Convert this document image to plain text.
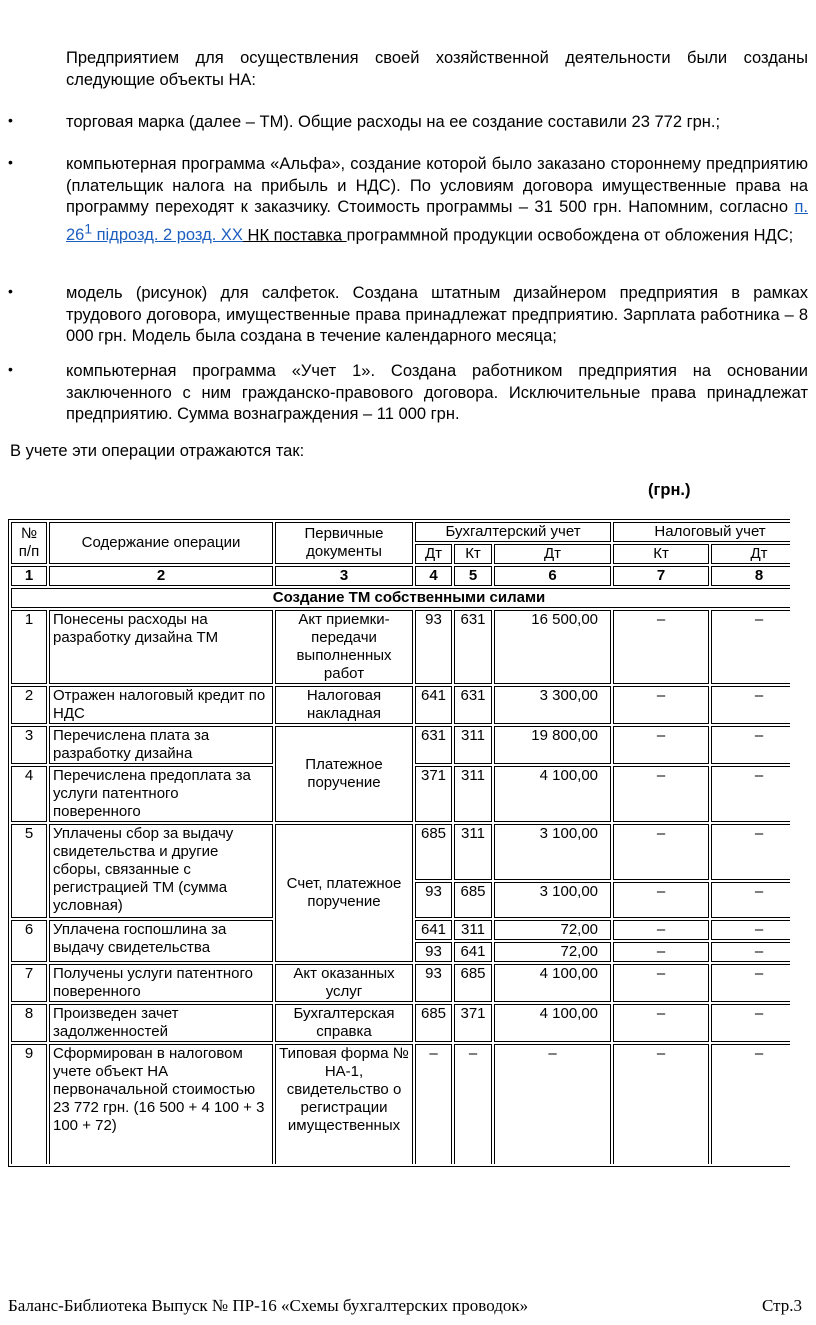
Предприятием для осуществления своей хозяйственной деятельности были созданы следующие объекты НА:

•	торговая марка (далее – ТМ). Общие расходы на ее создание составили 23 772 грн.;

•	компьютерная программа «Альфа», создание которой было заказано стороннему предприятию (плательщик налога на прибыль и НДС). По условиям договора имущественные права на программу переходят к заказчику. Стоимость программы – 31 500 грн. Напомним, согласно п. 26$^1$ підрозд. 2 розд. XX НК поставка программной продукции освобождена от обложения НДС;

•	модель (рисунок) для салфеток. Создана штатным дизайнером предприятия в рамках трудового договора, имущественные права принадлежат предприятию. Зарплата работника – 8 000 грн. Модель была создана в течение календарного месяца;

•	компьютерная программа «Учет 1». Создана работником предприятия на основании заключенного с ним гражданско-правового договора. Исключительные права принадлежат предприятию. Сумма вознаграждения – 11 000 грн.

В учете эти операции отражаются так:

(грн.)
№ п/п	Содержание операции	Первичные документы	Бухгалтерский учет			Налоговый учет	
			Дт	Кт	Дт	Кт	Дт
1	2	3	4	5	6	7	8
Создание ТМ собственными силами							
1	Понесены расходы на разработку дизайна ТМ	Акт приемки-передачи выполненных работ	93	631	16 500,00	–	–
2	Отражен налоговый кредит по НДС	Налоговая накладная	641	631	3 300,00	–	–
3	Перечислена плата за разработку дизайна	Платежное поручение	631	311	19 800,00	–	–
4	Перечислена предоплата за услуги патентного поверенного		371	311	4 100,00	–	–
5	Уплачены сбор за выдачу свидетельства и другие сборы, связанные с регистрацией ТМ (сумма условная)	Счет, платежное поручение	685	311	3 100,00	–	–
			93	685	3 100,00	–	–
6	Уплачена госпошлина за выдачу свидетельства		641	311	72,00	–	–
			93	641	72,00	–	–
7	Получены услуги патентного поверенного	Акт оказанных услуг	93	685	4 100,00	–	–
8	Произведен зачет задолженностей	Бухгалтерская справка	685	371	4 100,00	–	–
9	Сформирован в налоговом учете объект НА первоначальной стоимостью 23 772 грн. (16 500 + 4 100 + 3 100 + 72)	Типовая форма № НА-1, свидетельство о регистрации имущественных	–	–	–	–	–
Баланс-Библиотека Выпуск № ПР-16 «Схемы бухгалтерских проводок»	Стр.3
